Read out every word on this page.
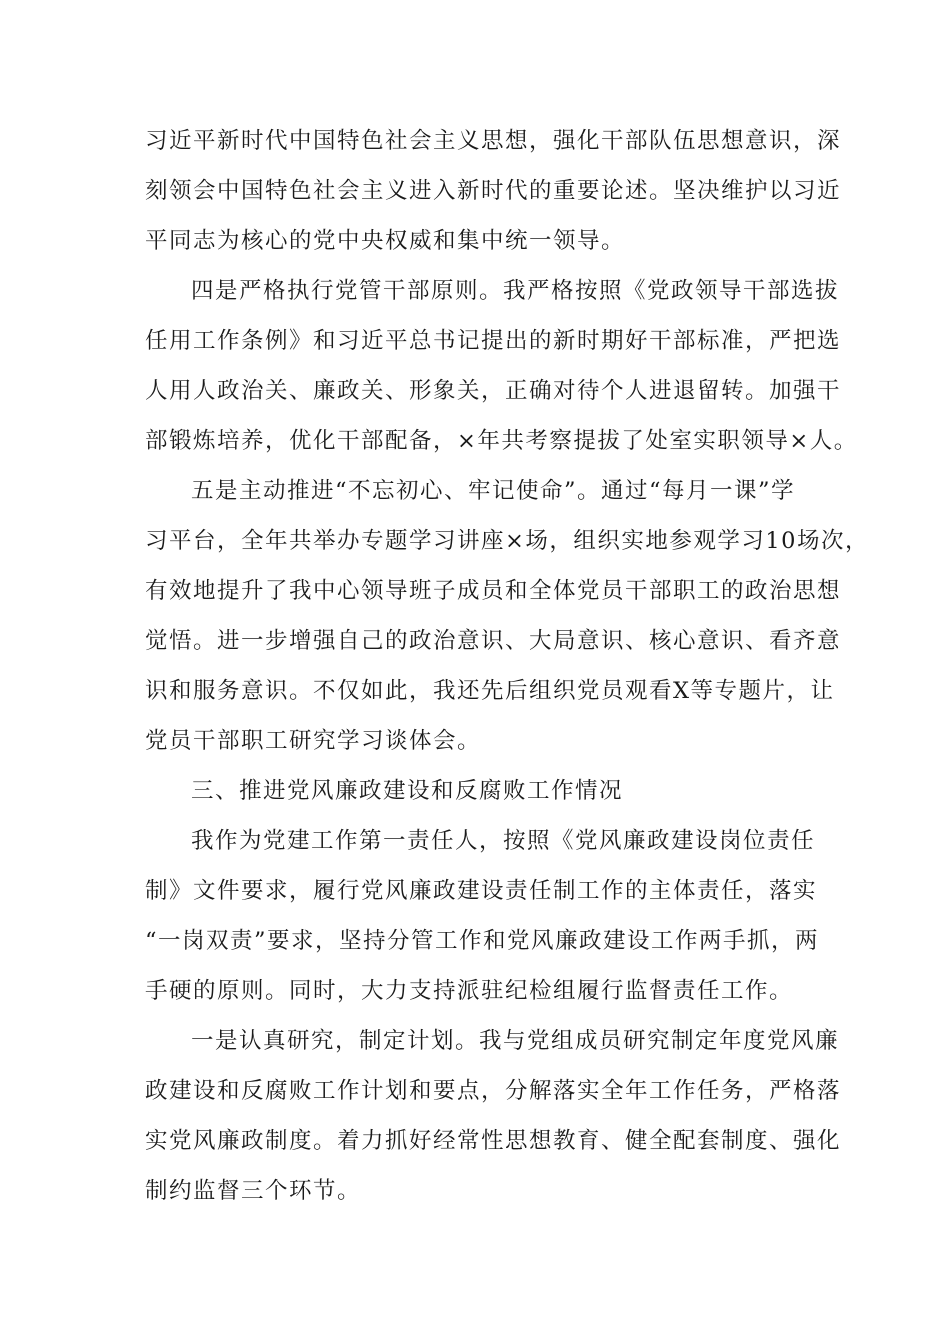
习近平新时代中国特色社会主义思想，强化干部队伍思想意识，深
刻领会中国特色社会主义进入新时代的重要论述。坚决维护以习近
平同志为核心的党中央权威和集中统一领导。
四是严格执行党管干部原则。我严格按照《党政领导干部选拔
任用工作条例》和习近平总书记提出的新时期好干部标准，严把选
人用人政治关、廉政关、形象关，正确对待个人进退留转。加强干
部锻炼培养，优化干部配备，×年共考察提拔了处室实职领导×人。
五是主动推进“不忘初心、牢记使命”。通过“每月一课”学
习平台，全年共举办专题学习讲座×场，组织实地参观学习10场次，
有效地提升了我中心领导班子成员和全体党员干部职工的政治思想
觉悟。进一步增强自己的政治意识、大局意识、核心意识、看齐意
识和服务意识。不仅如此，我还先后组织党员观看X等专题片，让
党员干部职工研究学习谈体会。
三、推进党风廉政建设和反腐败工作情况
我作为党建工作第一责任人，按照《党风廉政建设岗位责任
制》文件要求，履行党风廉政建设责任制工作的主体责任，落实
“一岗双责”要求，坚持分管工作和党风廉政建设工作两手抓，两
手硬的原则。同时，大力支持派驻纪检组履行监督责任工作。
一是认真研究，制定计划。我与党组成员研究制定年度党风廉
政建设和反腐败工作计划和要点，分解落实全年工作任务，严格落
实党风廉政制度。着力抓好经常性思想教育、健全配套制度、强化
制约监督三个环节。
